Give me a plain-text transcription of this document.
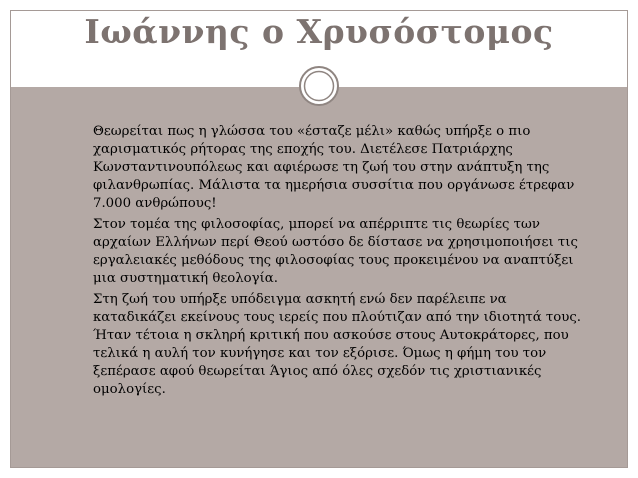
Ιωάννης ο Χρυσόστομος

Θεωρείται πως η γλώσσα του «έσταζε μέλι» καθώς υπήρξε ο πιο χαρισματικός ρήτορας της εποχής του. Διετέλεσε Πατριάρχης Κωνσταντινουπόλεως και αφιέρωσε τη ζωή του στην ανάπτυξη της φιλανθρωπίας. Μάλιστα τα ημερήσια συσσίτια που οργάνωσε έτρεφαν 7.000 ανθρώπους!

Στον τομέα της φιλοσοφίας, μπορεί να απέρριπτε τις θεωρίες των αρχαίων Ελλήνων περί Θεού ωστόσο δε δίστασε να χρησιμοποιήσει τις εργαλειακές μεθόδους της φιλοσοφίας τους προκειμένου να αναπτύξει μια συστηματική θεολογία.

Στη ζωή του υπήρξε υπόδειγμα ασκητή ενώ δεν παρέλειπε να καταδικάζει εκείνους τους ιερείς που πλούτιζαν από την ιδιοτητά τους. Ήταν τέτοια η σκληρή κριτική που ασκούσε στους Αυτοκράτορες, που τελικά η αυλή τον κυνήγησε και τον εξόρισε. Όμως η φήμη του τον ξεπέρασε αφού θεωρείται Άγιος από όλες σχεδόν τις χριστιανικές ομολογίες.
